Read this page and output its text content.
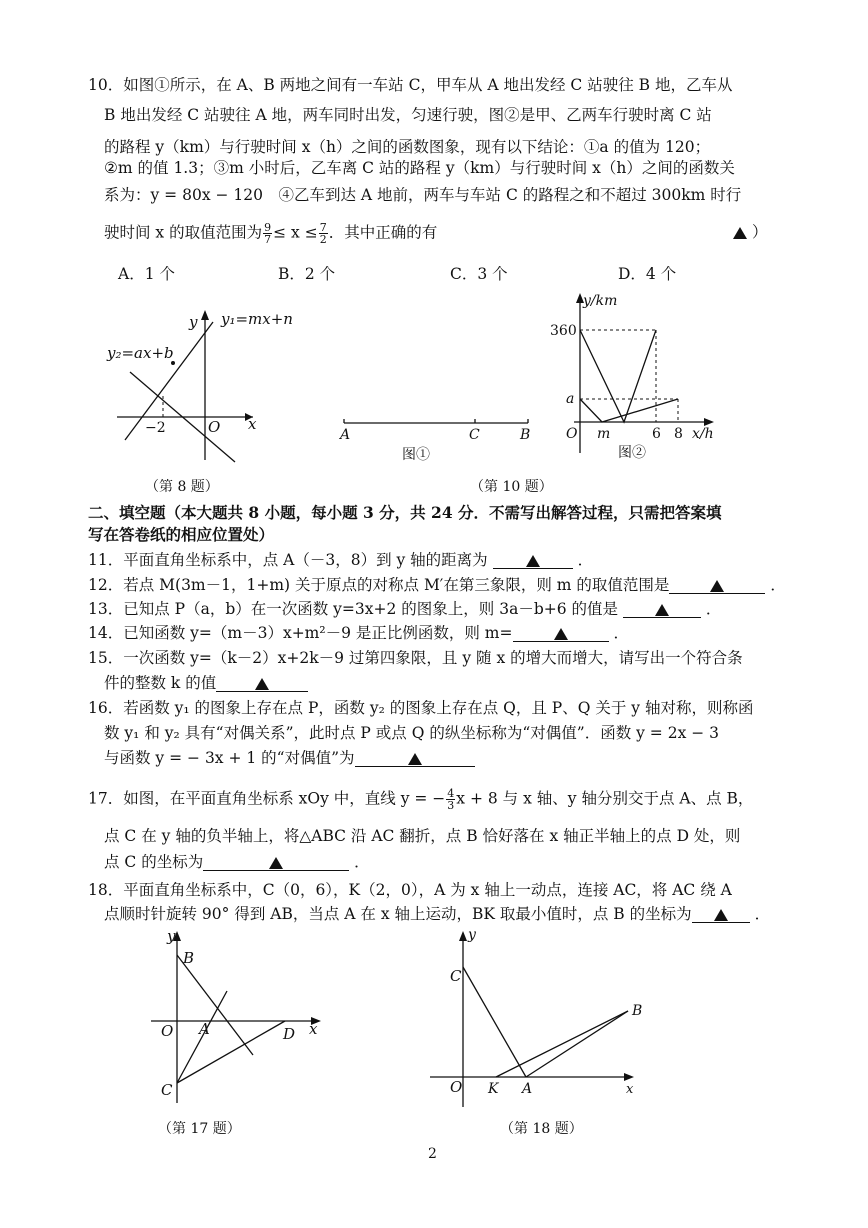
10．如图①所示，在 A、B 两地之间有一车站 C，甲车从 A 地出发经 C 站驶往 B 地，乙车从
B 地出发经 C 站驶往 A 地，两车同时出发，匀速行驶，图②是甲、乙两车行驶时离 C 站
的路程 y（km）与行驶时间 x（h）之间的函数图象，现有以下结论：①a 的值为 120；
②m 的值 1.3；③m 小时后，乙车离 C 站的路程 y（km）与行驶时间 x（h）之间的函数关
系为：y = 80x − 120　④乙车到达 A 地前，两车与车站 C 的路程之和不超过 300km 时行
驶时间 x 的取值范围为 $\frac{9}{7} \le x \le \frac{7}{2}$ ．其中正确的有	）
A．1 个	B．2 个	C．3 个	D．4 个
y y₁=mx+n
y₂=ax+b
−2	O x
（第 8 题）
A	C	B
图①
y/km
360
a
O m	6 8 x/h
图②
（第 10 题）
二、填空题（本大题共 8 小题，每小题 3 分，共 24 分．不需写出解答过程，只需把答案填
写在答卷纸的相应位置处）
11．平面直角坐标系中，点 A（－3，8）到 y 轴的距离为	．
12．若点 M(3m－1，1+m) 关于原点的对称点 M′在第三象限，则 m 的取值范围是	．
13．已知点 P（a，b）在一次函数 y=3x+2 的图象上，则 3a－b+6 的值是	．
14．已知函数 y=（m－3）x+m²－9 是正比例函数，则 m=	．
15．一次函数 y=（k－2）x+2k－9 过第四象限，且 y 随 x 的增大而增大，请写出一个符合条
件的整数 k 的值
16．若函数 y₁ 的图象上存在点 P，函数 y₂ 的图象上存在点 Q，且 P、Q 关于 y 轴对称，则称函
数 y₁ 和 y₂ 具有“对偶关系”，此时点 P 或点 Q 的纵坐标称为“对偶值”．函数 y = 2x − 3
与函数 y = − 3x + 1 的“对偶值”为
17．如图，在平面直角坐标系 xOy 中，直线 y = − $\frac{4}{3}$ x + 8 与 x 轴、y 轴分别交于点 A、点 B，
点 C 在 y 轴的负半轴上，将△ABC 沿 AC 翻折，点 B 恰好落在 x 轴正半轴上的点 D 处，则
点 C 的坐标为	．
18．平面直角坐标系中，C（0，6），K（2，0），A 为 x 轴上一动点，连接 AC，将 AC 绕 A
点顺时针旋转 90° 得到 AB，当点 A 在 x 轴上运动，BK 取最小值时，点 B 的坐标为	．
y
B
O A	D x
C
（第 17 题）
y
C
B
O K A	x
（第 18 题）
2
